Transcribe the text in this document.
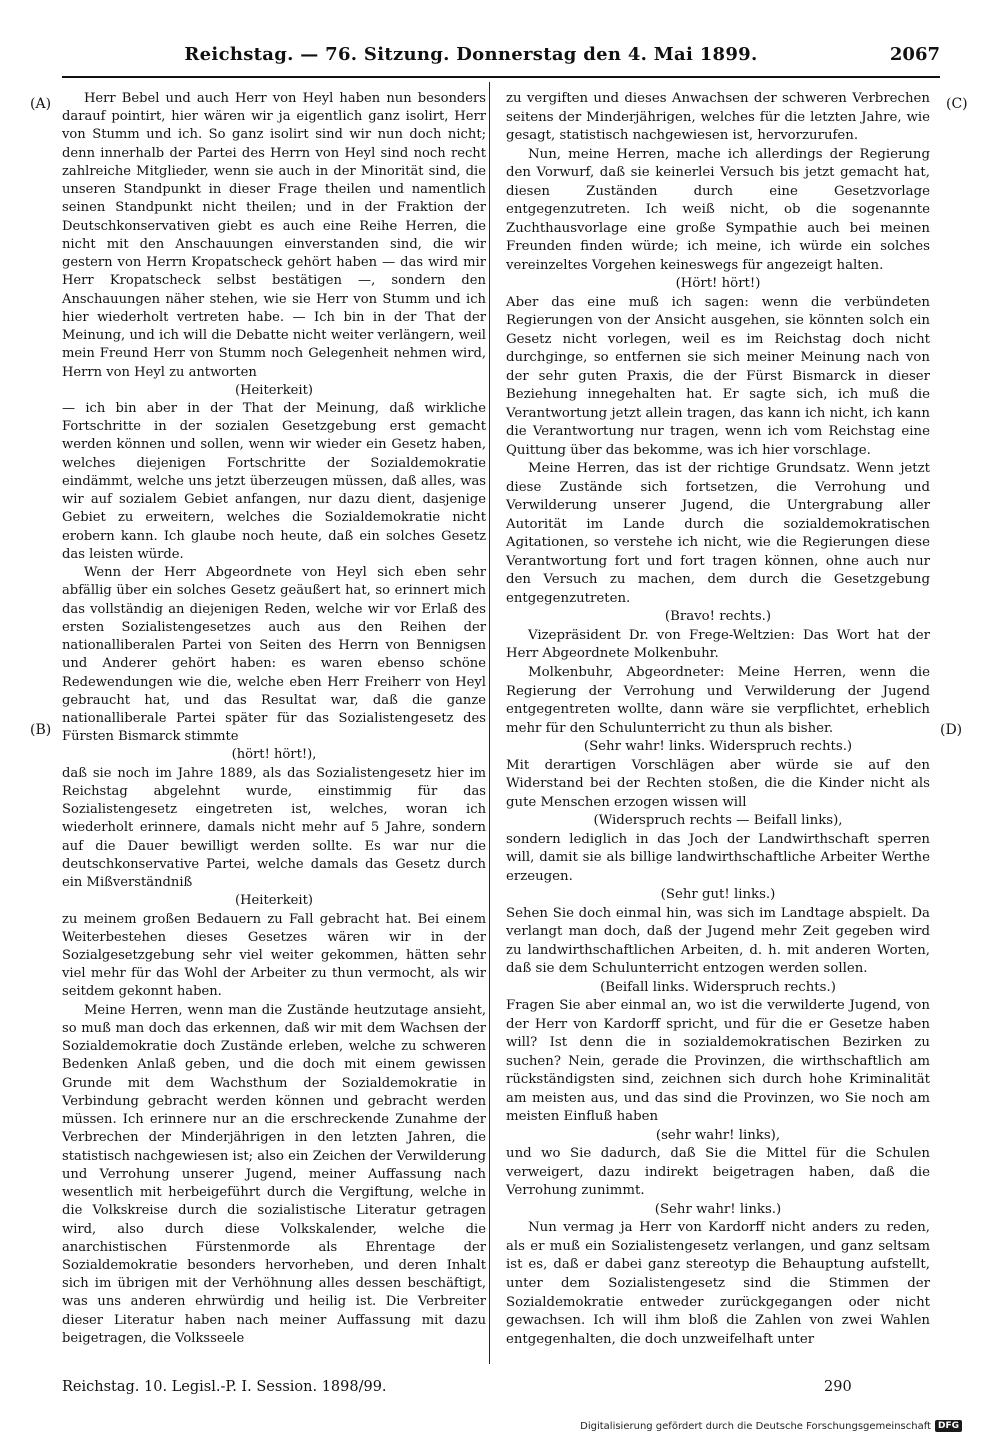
Reichstag. — 76. Sitzung. Donnerstag den 4. Mai 1899.	2067
(A)
(B)
(C)
(D)

Herr Bebel und auch Herr von Heyl haben nun besonders darauf pointirt, hier wären wir ja eigentlich ganz isolirt, Herr von Stumm und ich. So ganz isolirt sind wir nun doch nicht; denn innerhalb der Partei des Herrn von Heyl sind noch recht zahlreiche Mitglieder, wenn sie auch in der Minorität sind, die unseren Standpunkt in dieser Frage theilen und namentlich seinen Standpunkt nicht theilen; und in der Fraktion der Deutschkonservativen giebt es auch eine Reihe Herren, die nicht mit den Anschauungen einverstanden sind, die wir gestern von Herrn Kropatscheck gehört haben — das wird mir Herr Kropatscheck selbst bestätigen —, sondern den Anschauungen näher stehen, wie sie Herr von Stumm und ich hier wiederholt vertreten habe. — Ich bin in der That der Meinung, und ich will die Debatte nicht weiter verlängern, weil mein Freund Herr von Stumm noch Gelegenheit nehmen wird, Herrn von Heyl zu antworten

(Heiterkeit)

— ich bin aber in der That der Meinung, daß wirkliche Fortschritte in der sozialen Gesetzgebung erst gemacht werden können und sollen, wenn wir wieder ein Gesetz haben, welches diejenigen Fortschritte der Sozialdemokratie eindämmt, welche uns jetzt überzeugen müssen, daß alles, was wir auf sozialem Gebiet anfangen, nur dazu dient, dasjenige Gebiet zu erweitern, welches die Sozialdemokratie nicht erobern kann. Ich glaube noch heute, daß ein solches Gesetz das leisten würde.

Wenn der Herr Abgeordnete von Heyl sich eben sehr abfällig über ein solches Gesetz geäußert hat, so erinnert mich das vollständig an diejenigen Reden, welche wir vor Erlaß des ersten Sozialistengesetzes auch aus den Reihen der nationalliberalen Partei von Seiten des Herrn von Bennigsen und Anderer gehört haben: es waren ebenso schöne Redewendungen wie die, welche eben Herr Freiherr von Heyl gebraucht hat, und das Resultat war, daß die ganze nationalliberale Partei später für das Sozialistengesetz des Fürsten Bismarck stimmte

(hört! hört!),

daß sie noch im Jahre 1889, als das Sozialistengesetz hier im Reichstag abgelehnt wurde, einstimmig für das Sozialistengesetz eingetreten ist, welches, woran ich wiederholt erinnere, damals nicht mehr auf 5 Jahre, sondern auf die Dauer bewilligt werden sollte. Es war nur die deutschkonservative Partei, welche damals das Gesetz durch ein Mißverständniß

(Heiterkeit)

zu meinem großen Bedauern zu Fall gebracht hat. Bei einem Weiterbestehen dieses Gesetzes wären wir in der Sozialgesetzgebung sehr viel weiter gekommen, hätten sehr viel mehr für das Wohl der Arbeiter zu thun vermocht, als wir seitdem gekonnt haben.

Meine Herren, wenn man die Zustände heutzutage ansieht, so muß man doch das erkennen, daß wir mit dem Wachsen der Sozialdemokratie doch Zustände erleben, welche zu schweren Bedenken Anlaß geben, und die doch mit einem gewissen Grunde mit dem Wachsthum der Sozialdemokratie in Verbindung gebracht werden können und gebracht werden müssen. Ich erinnere nur an die erschreckende Zunahme der Verbrechen der Minderjährigen in den letzten Jahren, die statistisch nachgewiesen ist; also ein Zeichen der Verwilderung und Verrohung unserer Jugend, meiner Auffassung nach wesentlich mit herbeigeführt durch die Vergiftung, welche in die Volkskreise durch die sozialistische Literatur getragen wird, also durch diese Volkskalender, welche die anarchistischen Fürstenmorde als Ehrentage der Sozialdemokratie besonders hervorheben, und deren Inhalt sich im übrigen mit der Verhöhnung alles dessen beschäftigt, was uns anderen ehrwürdig und heilig ist. Die Verbreiter dieser Literatur haben nach meiner Auffassung mit dazu beigetragen, die Volksseele

zu vergiften und dieses Anwachsen der schweren Verbrechen seitens der Minderjährigen, welches für die letzten Jahre, wie gesagt, statistisch nachgewiesen ist, hervorzurufen.

Nun, meine Herren, mache ich allerdings der Regierung den Vorwurf, daß sie keinerlei Versuch bis jetzt gemacht hat, diesen Zuständen durch eine Gesetzvorlage entgegenzutreten. Ich weiß nicht, ob die sogenannte Zuchthausvorlage eine große Sympathie auch bei meinen Freunden finden würde; ich meine, ich würde ein solches vereinzeltes Vorgehen keineswegs für angezeigt halten.

(Hört! hört!)

Aber das eine muß ich sagen: wenn die verbündeten Regierungen von der Ansicht ausgehen, sie könnten solch ein Gesetz nicht vorlegen, weil es im Reichstag doch nicht durchginge, so entfernen sie sich meiner Meinung nach von der sehr guten Praxis, die der Fürst Bismarck in dieser Beziehung innegehalten hat. Er sagte sich, ich muß die Verantwortung jetzt allein tragen, das kann ich nicht, ich kann die Verantwortung nur tragen, wenn ich vom Reichstag eine Quittung über das bekomme, was ich hier vorschlage.

Meine Herren, das ist der richtige Grundsatz. Wenn jetzt diese Zustände sich fortsetzen, die Verrohung und Verwilderung unserer Jugend, die Untergrabung aller Autorität im Lande durch die sozialdemokratischen Agitationen, so verstehe ich nicht, wie die Regierungen diese Verantwortung fort und fort tragen können, ohne auch nur den Versuch zu machen, dem durch die Gesetzgebung entgegenzutreten.

(Bravo! rechts.)

Vizepräsident Dr. von Frege-Weltzien: Das Wort hat der Herr Abgeordnete Molkenbuhr.

Molkenbuhr, Abgeordneter: Meine Herren, wenn die Regierung der Verrohung und Verwilderung der Jugend entgegentreten wollte, dann wäre sie verpflichtet, erheblich mehr für den Schulunterricht zu thun als bisher.

(Sehr wahr! links. Widerspruch rechts.)

Mit derartigen Vorschlägen aber würde sie auf den Widerstand bei der Rechten stoßen, die die Kinder nicht als gute Menschen erzogen wissen will

(Widerspruch rechts — Beifall links),

sondern lediglich in das Joch der Landwirthschaft sperren will, damit sie als billige landwirthschaftliche Arbeiter Werthe erzeugen.

(Sehr gut! links.)

Sehen Sie doch einmal hin, was sich im Landtage abspielt. Da verlangt man doch, daß der Jugend mehr Zeit gegeben wird zu landwirthschaftlichen Arbeiten, d. h. mit anderen Worten, daß sie dem Schulunterricht entzogen werden sollen.

(Beifall links. Widerspruch rechts.)

Fragen Sie aber einmal an, wo ist die verwilderte Jugend, von der Herr von Kardorff spricht, und für die er Gesetze haben will? Ist denn die in sozialdemokratischen Bezirken zu suchen? Nein, gerade die Provinzen, die wirthschaftlich am rückständigsten sind, zeichnen sich durch hohe Kriminalität am meisten aus, und das sind die Provinzen, wo Sie noch am meisten Einfluß haben

(sehr wahr! links),

und wo Sie dadurch, daß Sie die Mittel für die Schulen verweigert, dazu indirekt beigetragen haben, daß die Verrohung zunimmt.

(Sehr wahr! links.)

Nun vermag ja Herr von Kardorff nicht anders zu reden, als er muß ein Sozialistengesetz verlangen, und ganz seltsam ist es, daß er dabei ganz stereotyp die Behauptung aufstellt, unter dem Sozialistengesetz sind die Stimmen der Sozialdemokratie entweder zurückgegangen oder nicht gewachsen. Ich will ihm bloß die Zahlen von zwei Wahlen entgegenhalten, die doch unzweifelhaft unter

Reichstag. 10. Legisl.-P. I. Session. 1898/99.	290
Digitalisierung gefördert durch die Deutsche Forschungsgemeinschaft DFG
